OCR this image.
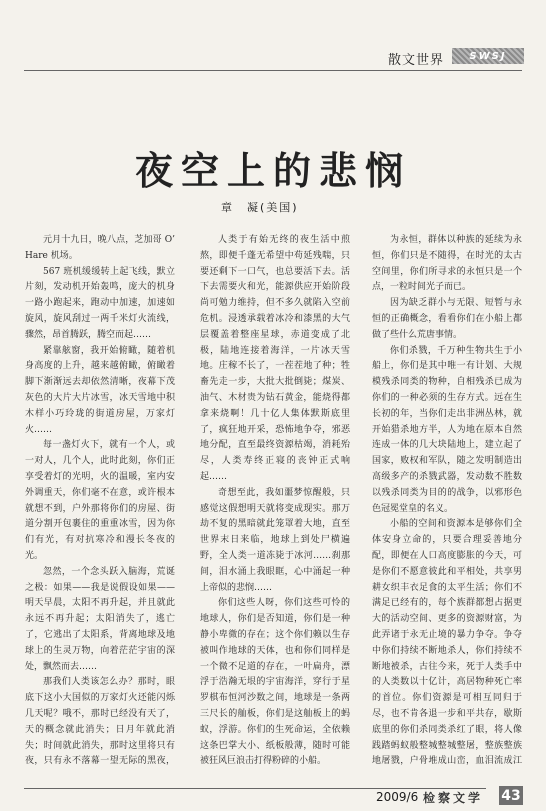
散文世界	SWSJ
夜空上的悲悯
章　凝(美国)

元月十九日，晚八点，芝加哥 O’ Hare 机场。

567 班机缓缓转上起飞线，默立片刻，发动机开始轰鸣，庞大的机身一路小跑起来，跑动中加速，加速如旋风，旋风刮过一两千米灯火流线，骤然，昂首腾跃，腾空而起……

紧靠舷窗，我开始俯瞰，随着机身高度的上升，越来越俯瞰，俯瞰着脚下渐渐远去却依然清晰，夜幕下茂灰色的大片大片冰雪，冰天雪地中积木样小巧玲珑的街道房屋，万家灯火……

每一盏灯火下，就有一个人，或一对人，几个人，此时此刻，你们正享受着灯的光明，火的温暖，室内安外调重天，你们毫不在意，或许根本就想不到，户外那将你们的房屋、街道分割开包裹住的重重冰雪，因为你们有光，有对抗寒冷和漫长冬夜的光。

忽然，一个念头跃入脑海，荒诞之极：如果——我是说假设如果——明天早晨，太阳不再升起，并且就此永远不再升起；太阳消失了，逃亡了，它逃出了太阳系，背离地球及地球上的生灵万物，向着茫茫宇宙的深处，飘然而去……

那我们人类该怎么办？那时，眼底下这小大国似的万家灯火还能闪烁几天呢？哦不，那时已经没有天了，天的概念就此消失；日月年就此消失；时间就此消失，那时这里将只有夜，只有永不落幕一望无际的黑夜，

人类于有始无终的夜生活中煎熬，即便千蓬无希望中苟延残喘，只要还剩下一口气，也总要活下去。活下去需要火和光，能源供应开始阶段尚可勉力维持，但不多久就陷入空前危机。浸透承载着冰冷和漆黑的大气层覆盖着整座星球，赤道变成了北极，陆地连接着海洋，一片冰天雪地。庄稼不长了，一茬茬地了种；牲畜先走一步，大批大批倒毙；煤炭、油气、木材贵为钻石黄金，能烧得都拿来烧啊！几十亿人集体默斯底里了，疯狂地开采，恐怖地争夺，邪恶地分配，直至最终资源枯竭，消耗殆尽，人类寿终正寝的丧钟正式响起……

奇想至此，我如噩梦惊醒般，只感觉这假想明天就将变成现实。那万劫不复的黑暗就此笼罩着大地，直至世界末日来临，地球上到处尸横遍野，全人类一道冻毙于冰河……刹那间，泪水涌上我眼眶，心中涌起一种上帝似的悲悯……

你们这些人呀，你们这些可怜的地球人，你们是否知道，你们是一种静小卑微的存在；这个你们赖以生存被叫作地球的天体，也和你们同样是一个微不足道的存在，一叶扁舟，漂浮于浩瀚无垠的宇宙海洋，穿行于星罗棋布恒河沙数之间，地球是一条两三尺长的舢板，你们是这舢板上的蚂蚁，浮游。你们的生死命运，全依赖这条巴掌大小、纸板般薄，随时可能被狂风巨浪击打得粉碎的小船。

为永恒，群体以种族的延续为永恒，你们只是不随得，在时光的太古空间里，你们所寻求的永恒只是一个点，一粒时间光子而已。

因为缺乏群小与无限、短暂与永恒的正确概念，看看你们在小船上都做了些什么荒唐事情。

你们杀戮，千万种生物共生于小船上，你们是其中唯一有计划、大规模残杀同类的物种，自相残杀已成为你们的一种必须的生存方式。远在生长初的年，当你们走出非洲丛林，就开始猎杀地方半，人为地在原本自然连成一体的几大块陆地上，建立起了国家，败权和军队，随之发明制造出高级多产的杀戮武器，发动数不胜数以残杀同类为目的的战争，以邪形色色冠冕堂皇的名义。

小船的空间和资源本是够你们全体安身立命的，只要合理妥善地分配，即便在人口高度膨胀的今天，可是你们不愿意彼此和平相处，共享男耕女织丰衣足食的太平生活；你们不满足已经有的，每个族群都想占据更大的活动空间、更多的资源财富，为此弄诸于永无止境的暴力争夺。争夺中你们持续不断地杀人，你们持续不断地被杀，古往今来，死于人类手中的人类数以十亿计，高居物种死亡率的首位。你们资源是可相互同归于尽，也不肯各退一步和平共存，歇斯底里的你们杀同类杀红了眼，将人像践踏蚂蚁般整城整城整屠，整族整族地屠戮，户骨堆成山峦，血泪流成江

2009/6 检察文学 43
